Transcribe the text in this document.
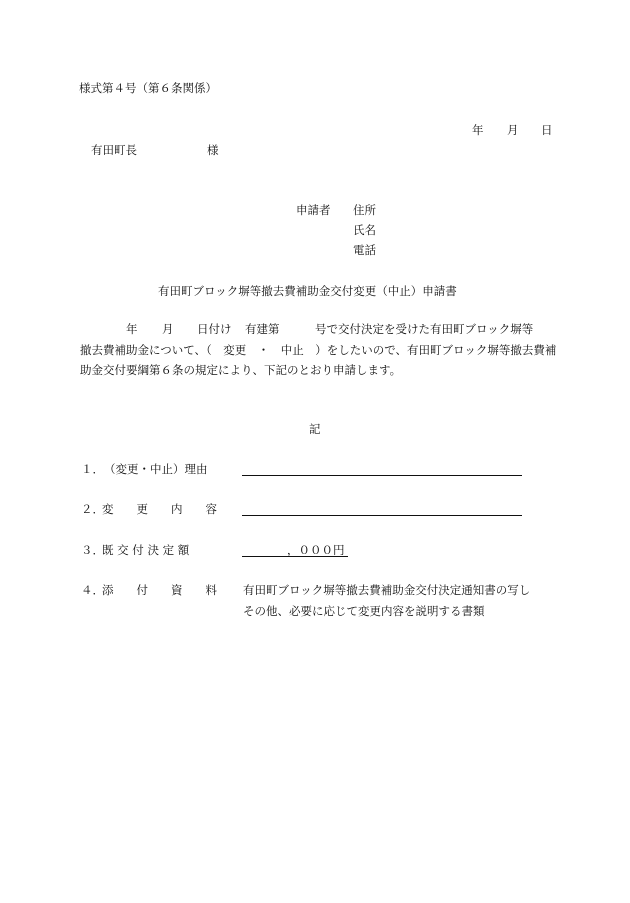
様式第４号（第６条関係）
年 月 日
有田町長	様
申請者 住所
氏名
電話
有田町ブロック塀等撤去費補助金交付変更（中止）申請書
年 月 日付け 有建第	号で交付決定を受けた有田町ブロック塀等
撤去費補助金について、（　変更　・　中止　）をしたいので、有田町ブロック塀等撤去費補
助金交付要綱第６条の規定により、下記のとおり申請します。
記
１． （変更・中止）理由
２．
変　　更　　内　　容
３．
既 交 付 決 定 額	，０００円
４．
添　　付　　資　　料 有田町ブロック塀等撤去費補助金交付決定通知書の写し
その他、必要に応じて変更内容を説明する書類
